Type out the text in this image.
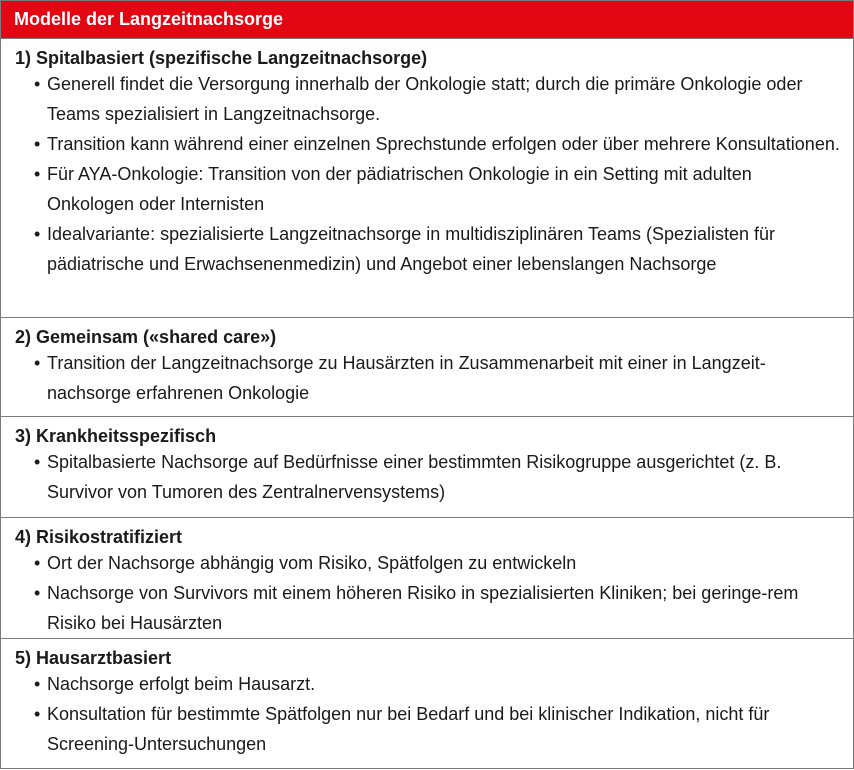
Modelle der Langzeitnachsorge
1) Spitalbasiert (spezifische Langzeitnachsorge)
• Generell findet die Versorgung innerhalb der Onkologie statt; durch die primäre Onkologie oder Teams spezialisiert in Langzeitnachsorge.
• Transition kann während einer einzelnen Sprechstunde erfolgen oder über mehrere Konsultationen.
• Für AYA-Onkologie: Transition von der pädiatrischen Onkologie in ein Setting mit adulten Onkologen oder Internisten
• Idealvariante: spezialisierte Langzeitnachsorge in multidisziplinären Teams (Spezialisten für pädiatrische und Erwachsenenmedizin) und Angebot einer lebenslangen Nachsorge
2) Gemeinsam («shared care»)
• Transition der Langzeitnachsorge zu Hausärzten in Zusammenarbeit mit einer in Langzeit-nachsorge erfahrenen Onkologie
3) Krankheitsspezifisch
• Spitalbasierte Nachsorge auf Bedürfnisse einer bestimmten Risikogruppe ausgerichtet (z. B. Survivor von Tumoren des Zentralnervensystems)
4) Risikostratifiziert
• Ort der Nachsorge abhängig vom Risiko, Spätfolgen zu entwickeln
• Nachsorge von Survivors mit einem höheren Risiko in spezialisierten Kliniken; bei geringe-rem Risiko bei Hausärzten
5) Hausarztbasiert
• Nachsorge erfolgt beim Hausarzt.
• Konsultation für bestimmte Spätfolgen nur bei Bedarf und bei klinischer Indikation, nicht für Screening-Untersuchungen
